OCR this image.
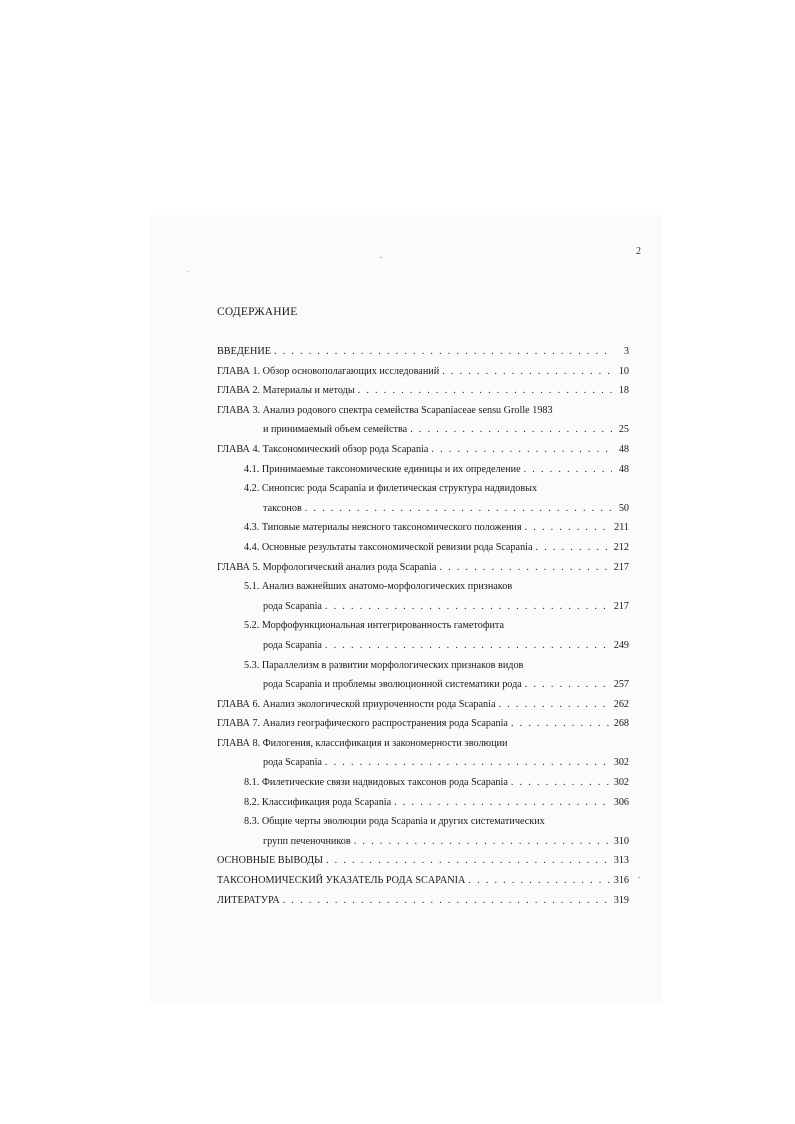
2
СОДЕРЖАНИЕ
ВВЕДЕНИЕ . . .	3
ГЛАВА 1. Обзор основополагающих исследований . . .	10
ГЛАВА 2. Материалы и методы . . .	18
ГЛАВА 3. Анализ родового спектра семейства Scapaniaceae sensu Grolle 1983
и принимаемый объем семейства . . .	25
ГЛАВА 4. Таксономический обзор рода Scapania . . .	48
4.1. Принимаемые таксономические единицы и их определение . . .	48
4.2. Синопсис рода Scapania и филетическая структура надвидовых
таксонов . . .	50
4.3. Типовые материалы неясного таксономического положения . . .	211
4.4. Основные результаты таксономической ревизии рода Scapania . . .	212
ГЛАВА 5. Морфологический анализ рода Scapania . . .	217
5.1. Анализ важнейших анатомо-морфологических признаков
рода Scapania . . .	217
5.2. Морфофункциональная интегрированность гаметофита
рода Scapania . . .	249
5.3. Параллелизм в развитии морфологических признаков видов
рода Scapania и проблемы эволюционной систематики рода . . .	257
ГЛАВА 6. Анализ экологической приуроченности рода Scapania . . .	262
ГЛАВА 7. Анализ географического распространения рода Scapania . . .	268
ГЛАВА 8. Филогения, классификация и закономерности эволюции
рода Scapania . . .	302
8.1. Филетические связи надвидовых таксонов рода Scapania . . .	302
8.2. Классификация рода Scapania . . .	306
8.3. Общие черты эволюции рода Scapania и других систематических
групп печеночников . . .	310
ОСНОВНЫЕ ВЫВОДЫ . . .	313
ТАКСОНОМИЧЕСКИЙ УКАЗАТЕЛЬ РОДА SCAPANIA . . .	316
ЛИТЕРАТУРА . . .	319
